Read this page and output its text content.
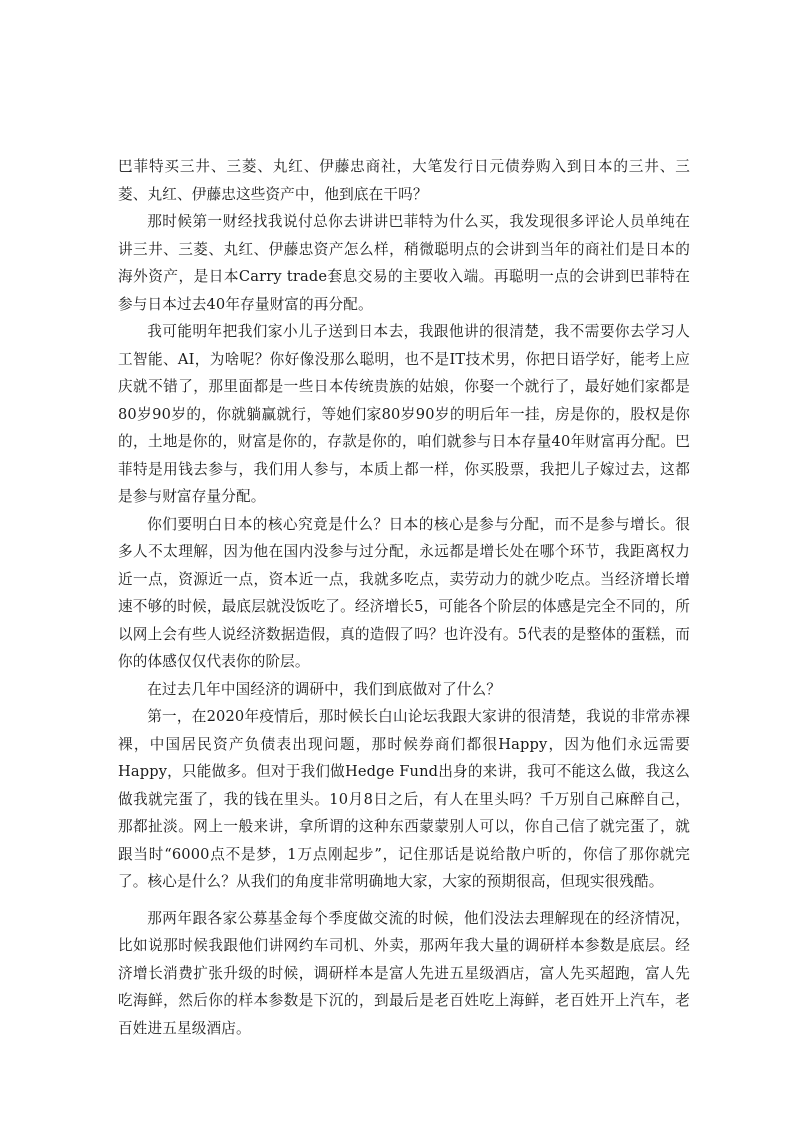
巴菲特买三井、三菱、丸红、伊藤忠商社，大笔发行日元债券购入到日本的三井、三菱、丸红、伊藤忠这些资产中，他到底在干吗？

那时候第一财经找我说付总你去讲讲巴菲特为什么买，我发现很多评论人员单纯在讲三井、三菱、丸红、伊藤忠资产怎么样，稍微聪明点的会讲到当年的商社们是日本的海外资产，是日本Carry trade套息交易的主要收入端。再聪明一点的会讲到巴菲特在参与日本过去40年存量财富的再分配。

我可能明年把我们家小儿子送到日本去，我跟他讲的很清楚，我不需要你去学习人工智能、AI，为啥呢？你好像没那么聪明，也不是IT技术男，你把日语学好，能考上应庆就不错了，那里面都是一些日本传统贵族的姑娘，你娶一个就行了，最好她们家都是80岁90岁的，你就躺赢就行，等她们家80岁90岁的明后年一挂，房是你的，股权是你的，土地是你的，财富是你的，存款是你的，咱们就参与日本存量40年财富再分配。巴菲特是用钱去参与，我们用人参与，本质上都一样，你买股票，我把儿子嫁过去，这都是参与财富存量分配。

你们要明白日本的核心究竟是什么？日本的核心是参与分配，而不是参与增长。很多人不太理解，因为他在国内没参与过分配，永远都是增长处在哪个环节，我距离权力近一点，资源近一点，资本近一点，我就多吃点，卖劳动力的就少吃点。当经济增长增速不够的时候，最底层就没饭吃了。经济增长5，可能各个阶层的体感是完全不同的，所以网上会有些人说经济数据造假，真的造假了吗？也许没有。5代表的是整体的蛋糕，而你的体感仅仅代表你的阶层。

在过去几年中国经济的调研中，我们到底做对了什么？

第一，在2020年疫情后，那时候长白山论坛我跟大家讲的很清楚，我说的非常赤裸裸，中国居民资产负债表出现问题，那时候券商们都很Happy，因为他们永远需要Happy，只能做多。但对于我们做Hedge Fund出身的来讲，我可不能这么做，我这么做我就完蛋了，我的钱在里头。10月8日之后，有人在里头吗？千万别自己麻醉自己，那都扯淡。网上一般来讲，拿所谓的这种东西蒙蒙别人可以，你自己信了就完蛋了，就跟当时“6000点不是梦，1万点刚起步”，记住那话是说给散户听的，你信了那你就完了。核心是什么？从我们的角度非常明确地大家，大家的预期很高，但现实很残酷。

那两年跟各家公募基金每个季度做交流的时候，他们没法去理解现在的经济情况，比如说那时候我跟他们讲网约车司机、外卖，那两年我大量的调研样本参数是底层。经济增长消费扩张升级的时候，调研样本是富人先进五星级酒店，富人先买超跑，富人先吃海鲜，然后你的样本参数是下沉的，到最后是老百姓吃上海鲜，老百姓开上汽车，老百姓进五星级酒店。
